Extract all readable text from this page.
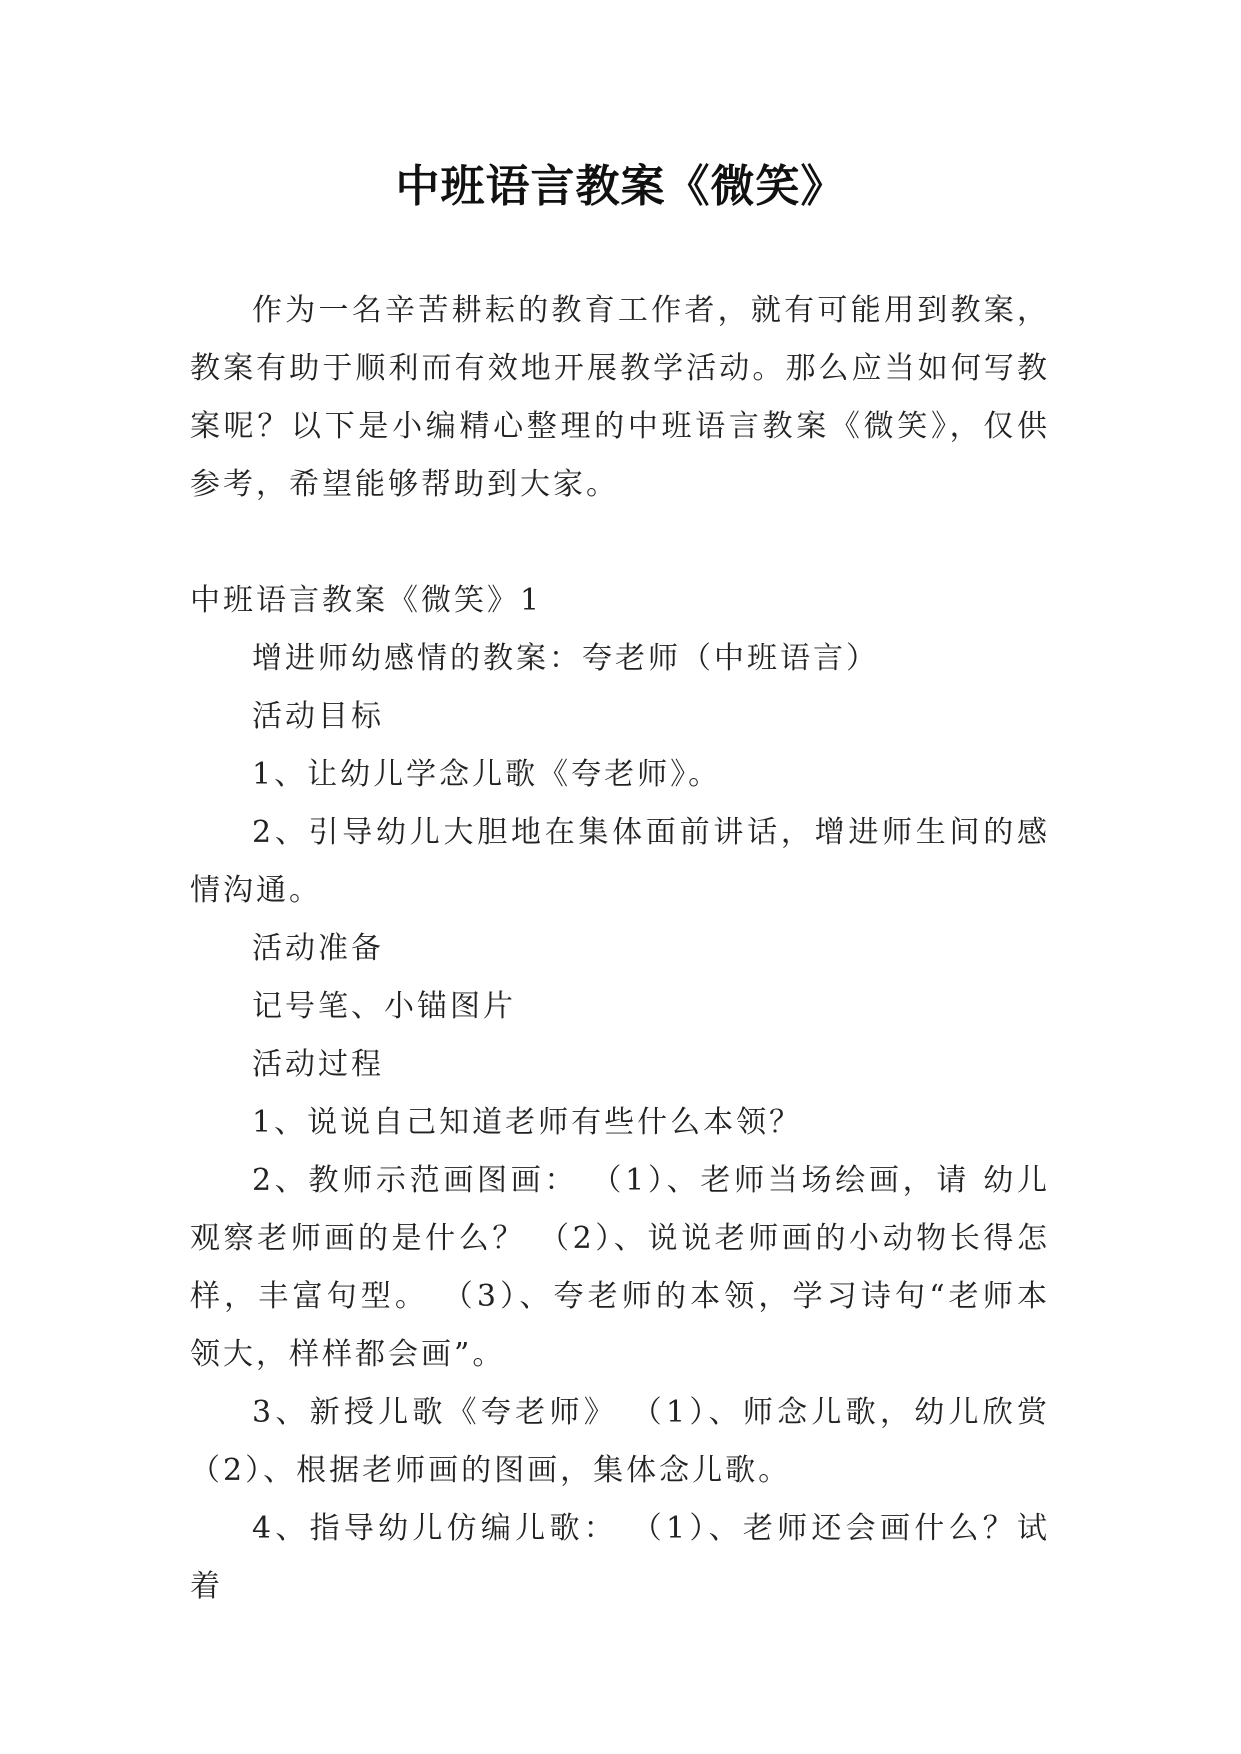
中班语言教案《微笑》

作为一名辛苦耕耘的教育工作者，就有可能用到教案，教案有助于顺利而有效地开展教学活动。那么应当如何写教案呢？以下是小编精心整理的中班语言教案《微笑》，仅供参考，希望能够帮助到大家。

中班语言教案《微笑》1

增进师幼感情的教案：夸老师（中班语言）

活动目标

1、让幼儿学念儿歌《夸老师》。

2、引导幼儿大胆地在集体面前讲话，增进师生间的感情沟通。

活动准备

记号笔、小锚图片

活动过程

1、说说自己知道老师有些什么本领？

2、教师示范画图画： （1）、老师当场绘画，请 幼儿观察老师画的是什么？ （2）、说说老师画的小动物长得怎样，丰富句型。 （3）、夸老师的本领，学习诗句“老师本领大，样样都会画”。

3、新授儿歌《夸老师》 （1）、师念儿歌，幼儿欣赏 （2）、根据老师画的图画，集体念儿歌。

4、指导幼儿仿编儿歌： （1）、老师还会画什么？试着
